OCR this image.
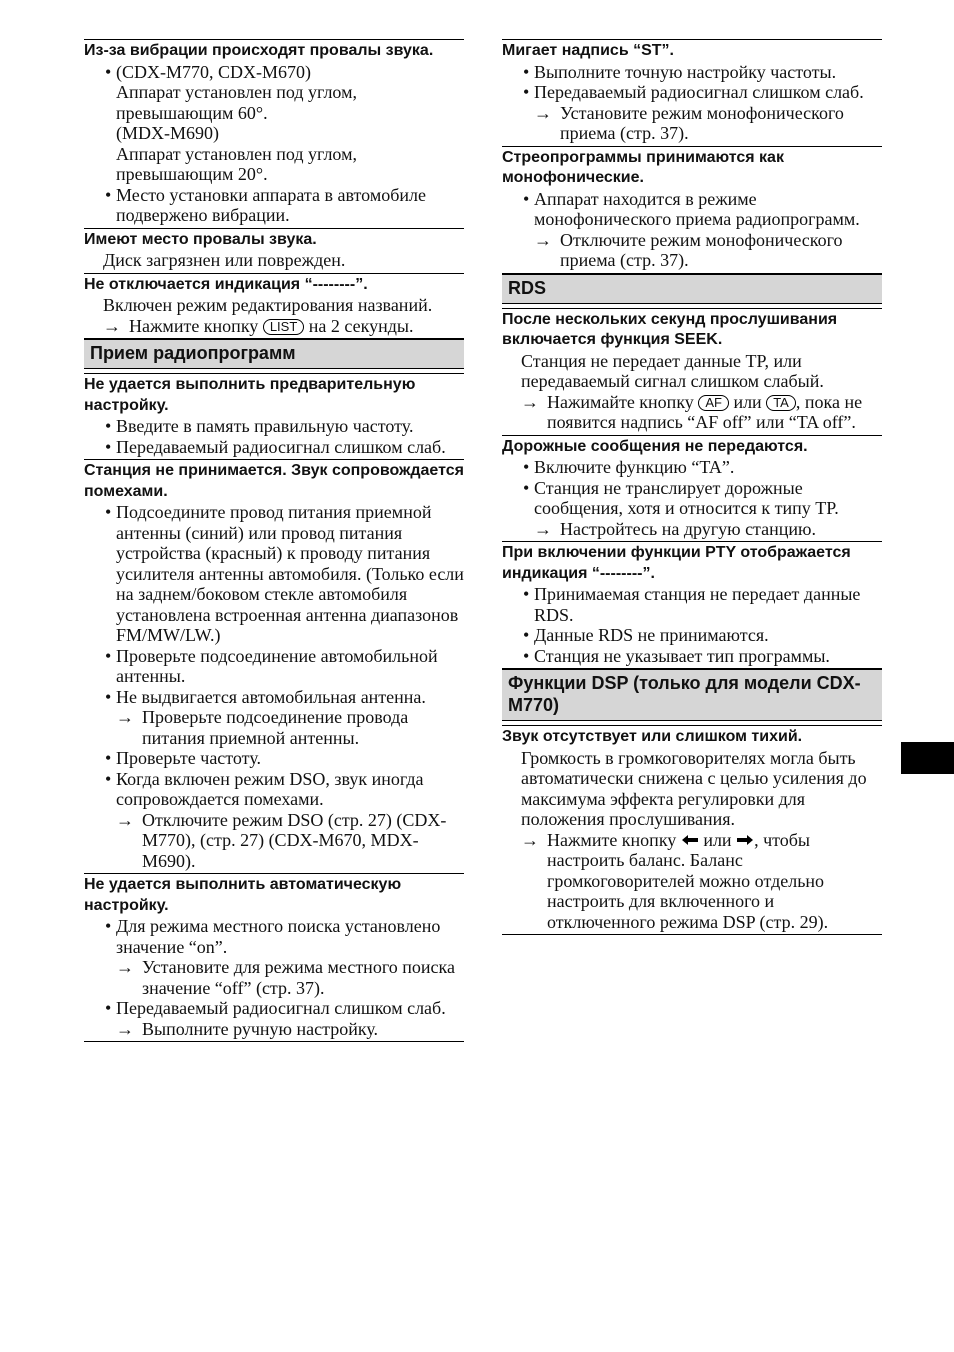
Из-за вибрации происходят провалы звука.
• (CDX-M770, CDX-M670)
Аппарат установлен под углом, превышающим 60°.
(MDX-M690)
Аппарат установлен под углом, превышающим 20°.
• Место установки аппарата в автомобиле подвержено вибрации.
Имеют место провалы звука.
Диск загрязнен или поврежден.
Не отключается индикация “--------”.
Включен режим редактирования названий.
→ Нажмите кнопку LIST на 2 секунды.
Прием радиопрограмм
Не удается выполнить предварительную настройку.
• Введите в память правильную частоту.
• Передаваемый радиосигнал слишком слаб.
Станция не принимается. Звук сопровождается помехами.
• Подсоедините провод питания приемной антенны (синий) или провод питания устройства (красный) к проводу питания усилителя антенны автомобиля. (Только если на заднем/боковом стекле автомобиля установлена встроенная антенна диапазонов FM/MW/LW.)
• Проверьте подсоединение автомобильной антенны.
• Не выдвигается автомобильная антенна.
→ Проверьте подсоединение провода питания приемной антенны.
• Проверьте частоту.
• Когда включен режим DSO, звук иногда сопровождается помехами.
→ Отключите режим DSO (стр. 27) (CDX-M770), (стр. 27) (CDX-M670, MDX-M690).
Не удается выполнить автоматическую настройку.
• Для режима местного поиска установлено значение “on”.
→ Установите для режима местного поиска значение “off” (стр. 37).
• Передаваемый радиосигнал слишком слаб.
→ Выполните ручную настройку.
Мигает надпись “ST”.
• Выполните точную настройку частоты.
• Передаваемый радиосигнал слишком слаб.
→ Установите режим монофонического приема (стр. 37).
Стреопрограммы принимаются как монофонические.
• Аппарат находится в режиме монофонического приема радиопрограмм.
→ Отключите режим монофонического приема (стр. 37).
RDS
После нескольких секунд прослушивания включается функция SEEK.
Станция не передает данные TP, или передаваемый сигнал слишком слабый.
→ Нажимайте кнопку AF или TA , пока не появится надпись “AF off” или “TA off”.
Дорожные сообщения не передаются.
• Включите функцию “TA”.
• Станция не транслирует дорожные сообщения, хотя и относится к типу TP.
→ Настройтесь на другую станцию.
При включении функции PTY отображается индикация “--------”.
• Принимаемая станция не передает данные RDS.
• Данные RDS не принимаются.
• Станция не указывает тип программы.
Функции DSP (только для модели CDX-M770)
Звук отсутствует или слишком тихий.
Громкость в громкоговорителях могла быть автоматически снижена с целью усиления до максимума эффекта регулировки для положения прослушивания.
→ Нажмите кнопку или , чтобы настроить баланс. Баланс громкоговорителей можно отдельно настроить для включенного и отключенного режима DSP (стр. 29).
